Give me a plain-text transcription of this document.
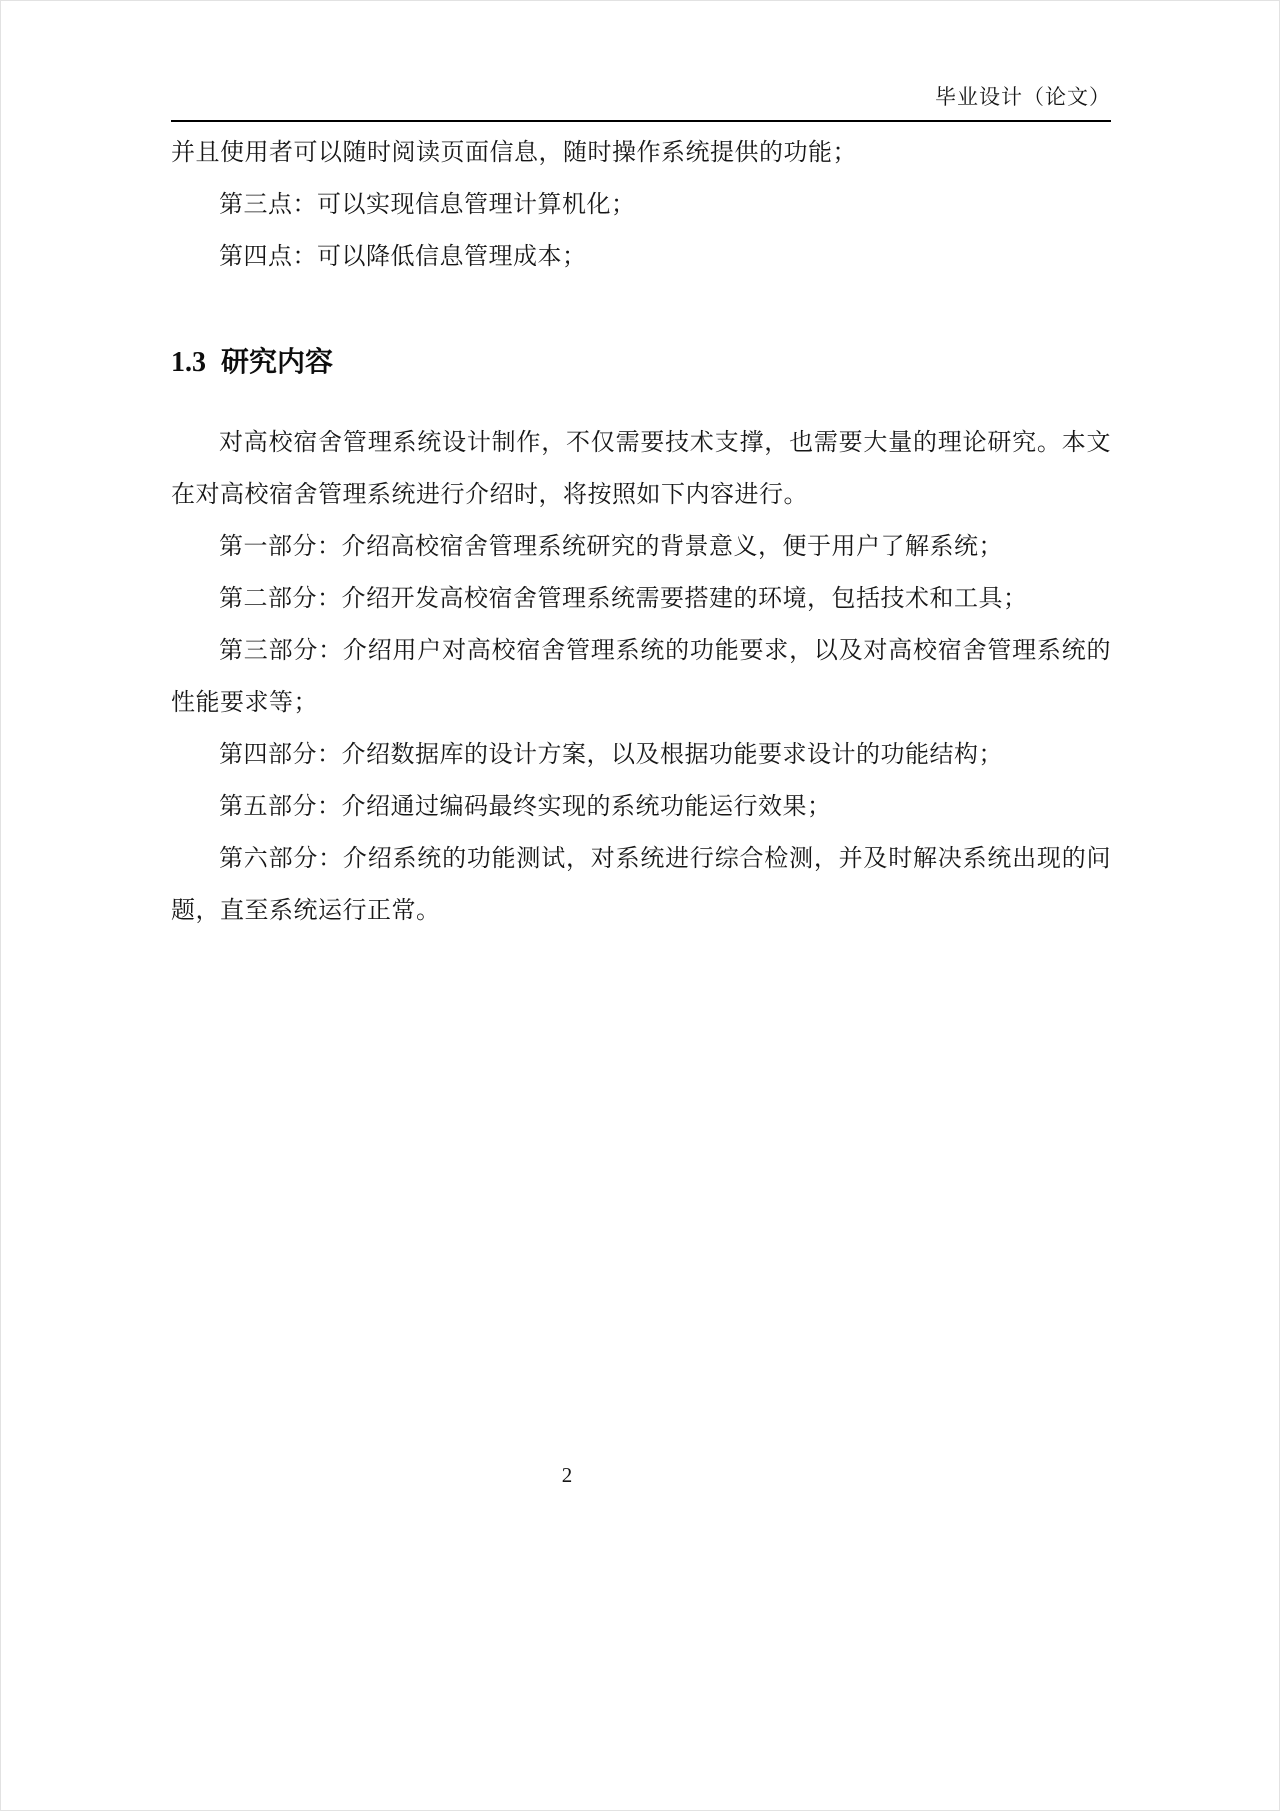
毕业设计（论文）

并且使用者可以随时阅读页面信息，随时操作系统提供的功能；

第三点：可以实现信息管理计算机化；

第四点：可以降低信息管理成本；

1.3 研究内容

对高校宿舍管理系统设计制作，不仅需要技术支撑，也需要大量的理论研究。本文在对高校宿舍管理系统进行介绍时，将按照如下内容进行。

第一部分：介绍高校宿舍管理系统研究的背景意义，便于用户了解系统；

第二部分：介绍开发高校宿舍管理系统需要搭建的环境，包括技术和工具；

第三部分：介绍用户对高校宿舍管理系统的功能要求，以及对高校宿舍管理系统的性能要求等；

第四部分：介绍数据库的设计方案，以及根据功能要求设计的功能结构；

第五部分：介绍通过编码最终实现的系统功能运行效果；

第六部分：介绍系统的功能测试，对系统进行综合检测，并及时解决系统出现的问题，直至系统运行正常。

2
